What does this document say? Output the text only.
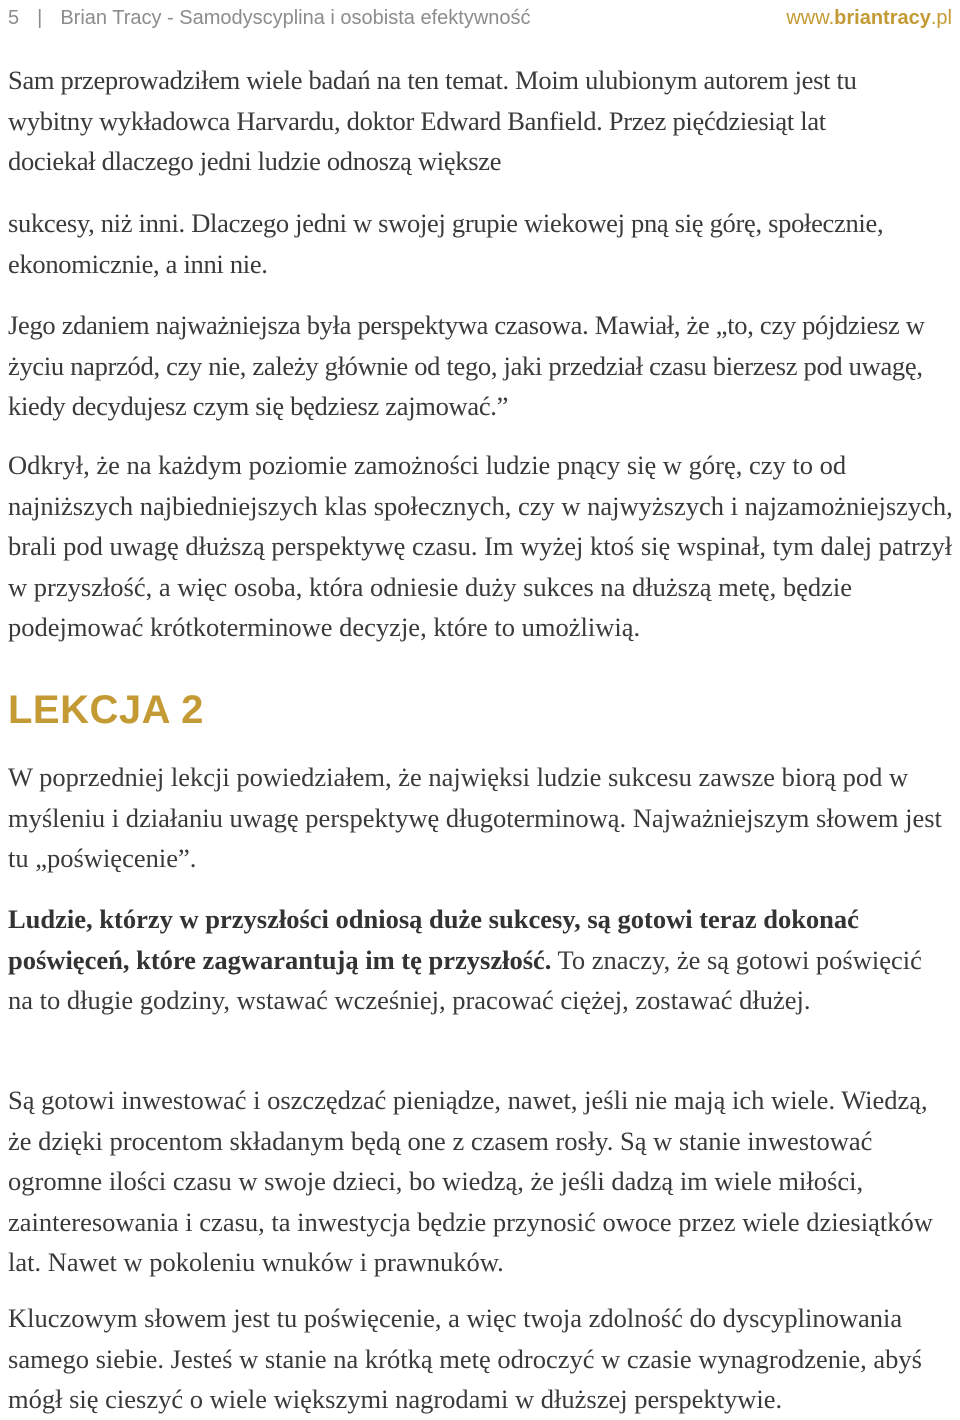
5 | Brian Tracy - Samodyscyplina i osobista efektywność	www.briantracy.pl

Sam przeprowadziłem wiele badań na ten temat. Moim ulubionym autorem jest tu wybitny wykładowca Harvardu, doktor Edward Banfield. Przez pięćdziesiąt lat dociekał dlaczego jedni ludzie odnoszą większe

sukcesy, niż inni. Dlaczego jedni w swojej grupie wiekowej pną się górę, społecznie, ekonomicznie, a inni nie.

Jego zdaniem najważniejsza była perspektywa czasowa. Mawiał, że „to, czy pójdziesz w życiu naprzód, czy nie, zależy głównie od tego, jaki przedział czasu bierzesz pod uwagę, kiedy decydujesz czym się będziesz zajmować.”

Odkrył, że na każdym poziomie zamożności ludzie pnący się w górę, czy to od najniższych najbiedniejszych klas społecznych, czy w najwyższych i najzamożniejszych, brali pod uwagę dłuższą perspektywę czasu. Im wyżej ktoś się wspinał, tym dalej patrzył w przyszłość, a więc osoba, która odniesie duży sukces na dłuższą metę, będzie podejmować krótkoterminowe decyzje, które to umożliwią.

LEKCJA 2

W poprzedniej lekcji powiedziałem, że najwięksi ludzie sukcesu zawsze biorą pod w myśleniu i działaniu uwagę perspektywę długoterminową. Najważniejszym słowem jest tu „poświęcenie”.

Ludzie, którzy w przyszłości odniosą duże sukcesy, są gotowi teraz dokonać poświęceń, które zagwarantują im tę przyszłość. To znaczy, że są gotowi poświęcić na to długie godziny, wstawać wcześniej, pracować ciężej, zostawać dłużej.

Są gotowi inwestować i oszczędzać pieniądze, nawet, jeśli nie mają ich wiele. Wiedzą, że dzięki procentom składanym będą one z czasem rosły. Są w stanie inwestować ogromne ilości czasu w swoje dzieci, bo wiedzą, że jeśli dadzą im wiele miłości, zainteresowania i czasu, ta inwestycja będzie przynosić owoce przez wiele dziesiątków lat. Nawet w pokoleniu wnuków i prawnuków.

Kluczowym słowem jest tu poświęcenie, a więc twoja zdolność do dyscyplinowania samego siebie. Jesteś w stanie na krótką metę odroczyć w czasie wynagrodzenie, abyś mógł się cieszyć o wiele większymi nagrodami w dłuższej perspektywie.
